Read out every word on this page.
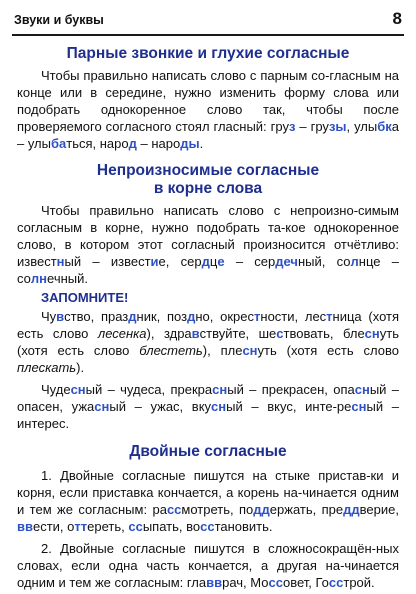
Звуки и буквы	8
Парные звонкие и глухие согласные

Чтобы правильно написать слово с парным со-гласным на конце или в середине, нужно изменить форму слова или подобрать однокоренное слово так, чтобы после проверяемого согласного стоял гласный: груз – грузы, улыбка – улыбаться, народ – народы.

Непроизносимые согласные
в корне слова

Чтобы правильно написать слово с непроизно-симым согласным в корне, нужно подобрать та-кое однокоренное слово, в котором этот согласный произносится отчётливо: известный – известие, сердце – сердечный, солнце – солнечный.

ЗАПОМНИТЕ!

Чувство, праздник, поздно, окрестности, лестница (хотя есть слово лесенка), здравствуйте, шествовать, блеснуть (хотя есть слово блестеть), плеснуть (хотя есть слово плескать).

Чудесный – чудеса, прекрасный – прекрасен, опасный – опасен, ужасный – ужас, вкусный – вкус, инте-ресный – интерес.

Двойные согласные

1. Двойные согласные пишутся на стыке пристав-ки и корня, если приставка кончается, а корень на-чинается одним и тем же согласным: рассмотреть, поддержать, преддверие, ввести, оттереть, ссыпать, восстановить.

2. Двойные согласные пишутся в сложносокращён-ных словах, если одна часть кончается, а другая на-чинается одним и тем же согласным: главврач, Моссовет, Госстрой.
